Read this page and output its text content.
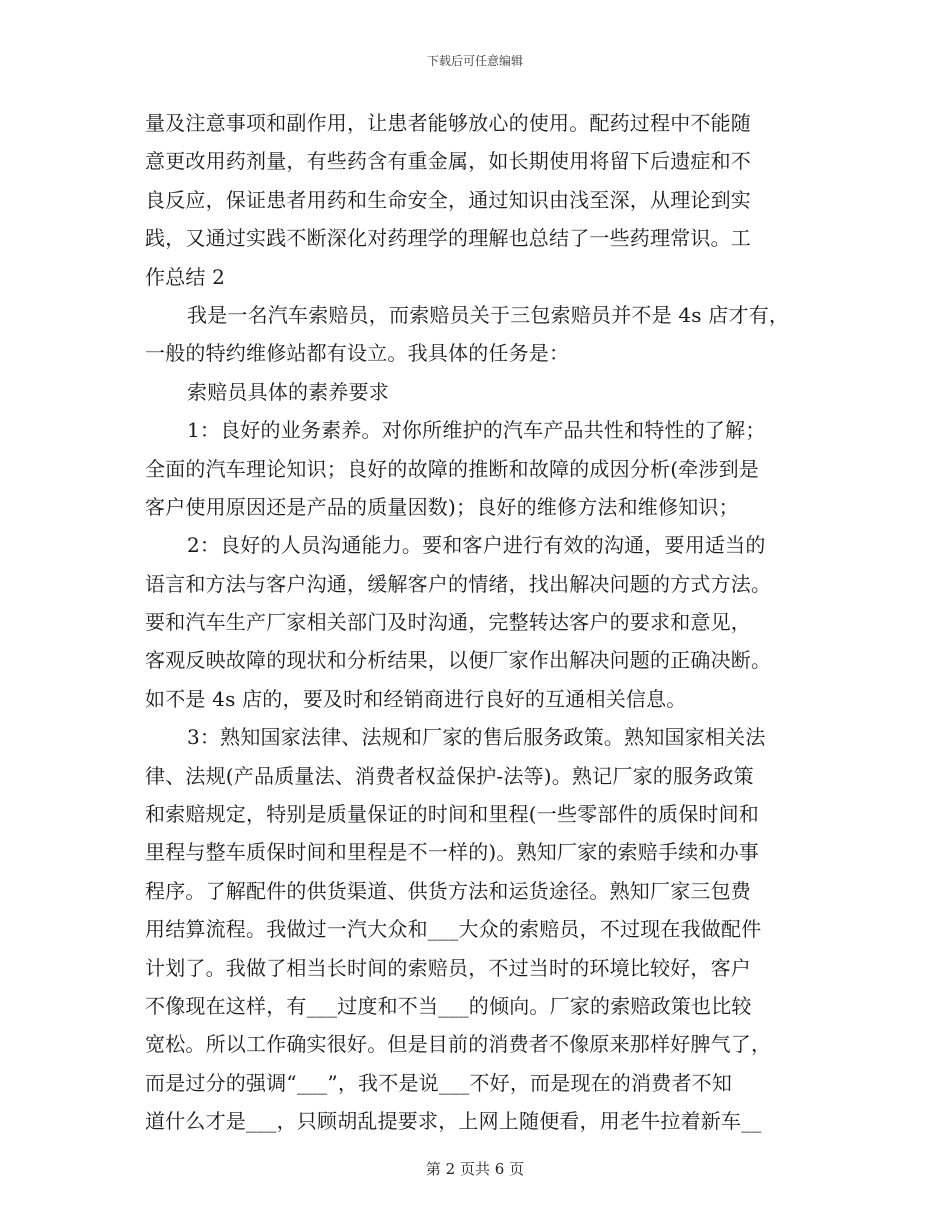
下载后可任意编辑
量及注意事项和副作用，让患者能够放心的使用。配药过程中不能随
意更改用药剂量，有些药含有重金属，如长期使用将留下后遗症和不
良反应，保证患者用药和生命安全，通过知识由浅至深，从理论到实
践，又通过实践不断深化对药理学的理解也总结了一些药理常识。工
作总结 2
我是一名汽车索赔员，而索赔员关于三包索赔员并不是 4s 店才有，
一般的特约维修站都有设立。我具体的任务是：
索赔员具体的素养要求
1：良好的业务素养。对你所维护的汽车产品共性和特性的了解；
全面的汽车理论知识；良好的故障的推断和故障的成因分析(牵涉到是
客户使用原因还是产品的质量因数)；良好的维修方法和维修知识；
2：良好的人员沟通能力。要和客户进行有效的沟通，要用适当的
语言和方法与客户沟通，缓解客户的情绪，找出解决问题的方式方法。
要和汽车生产厂家相关部门及时沟通，完整转达客户的要求和意见，
客观反映故障的现状和分析结果，以便厂家作出解决问题的正确决断。
如不是 4s 店的，要及时和经销商进行良好的互通相关信息。
3：熟知国家法律、法规和厂家的售后服务政策。熟知国家相关法
律、法规(产品质量法、消费者权益保护-法等)。熟记厂家的服务政策
和索赔规定，特别是质量保证的时间和里程(一些零部件的质保时间和
里程与整车质保时间和里程是不一样的)。熟知厂家的索赔手续和办事
程序。了解配件的供货渠道、供货方法和运货途径。熟知厂家三包费
用结算流程。我做过一汽大众和___大众的索赔员，不过现在我做配件
计划了。我做了相当长时间的索赔员，不过当时的环境比较好，客户
不像现在这样，有___过度和不当___的倾向。厂家的索赔政策也比较
宽松。所以工作确实很好。但是目前的消费者不像原来那样好脾气了，
而是过分的强调“___”，我不是说___不好，而是现在的消费者不知
道什么才是___，只顾胡乱提要求，上网上随便看，用老牛拉着新车__
第 2 页共 6 页
